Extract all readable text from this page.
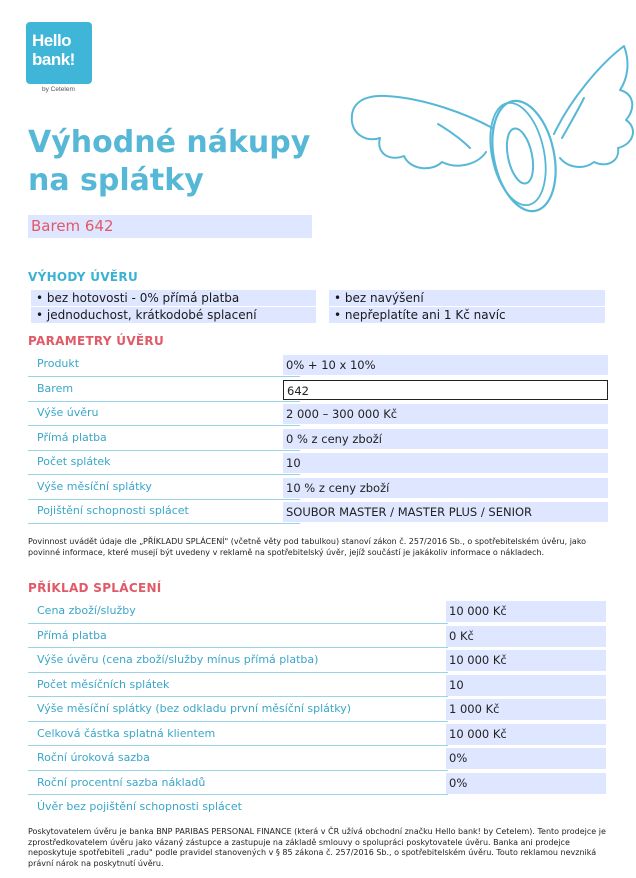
Hello
bank!
by Cetelem
Výhodné nákupy
na splátky
Barem 642
VÝHODY ÚVĚRU
• bez hotovosti - 0% přímá platba	• bez navýšení
• jednoduchost, krátkodobé splacení	• nepřeplatíte ani 1 Kč navíc
PARAMETRY ÚVĚRU
Produkt	0% + 10 x 10%
Barem	642
Výše úvěru	2 000 – 300 000 Kč
Přímá platba	0 % z ceny zboží
Počet splátek	10
Výše měsíční splátky	10 % z ceny zboží
Pojištění schopnosti splácet	SOUBOR MASTER / MASTER PLUS / SENIOR
Povinnost uvádět údaje dle „PŘÍKLADU SPLÁCENÍ" (včetně věty pod tabulkou) stanoví zákon č. 257/2016 Sb., o spotřebitelském úvěru, jako povinné informace, které musejí být uvedeny v reklamě na spotřebitelský úvěr, jejíž součástí je jakákoliv informace o nákladech.
PŘÍKLAD SPLÁCENÍ
Cena zboží/služby	10 000 Kč
Přímá platba	0 Kč
Výše úvěru (cena zboží/služby mínus přímá platba)	10 000 Kč
Počet měsíčních splátek	10
Výše měsíční splátky (bez odkladu první měsíční splátky)	1 000 Kč
Celková částka splatná klientem	10 000 Kč
Roční úroková sazba	0%
Roční procentní sazba nákladů	0%
Úvěr bez pojištění schopnosti splácet
Poskytovatelem úvěru je banka BNP PARIBAS PERSONAL FINANCE (která v ČR užívá obchodní značku Hello bank! by Cetelem). Tento prodejce je zprostředkovatelem úvěru jako vázaný zástupce a zastupuje na základě smlouvy o spolupráci poskytovatele úvěru. Banka ani prodejce neposkytuje spotřebiteli „radu" podle pravidel stanovených v § 85 zákona č. 257/2016 Sb., o spotřebitelském úvěru. Touto reklamou nevzniká právní nárok na poskytnutí úvěru.
